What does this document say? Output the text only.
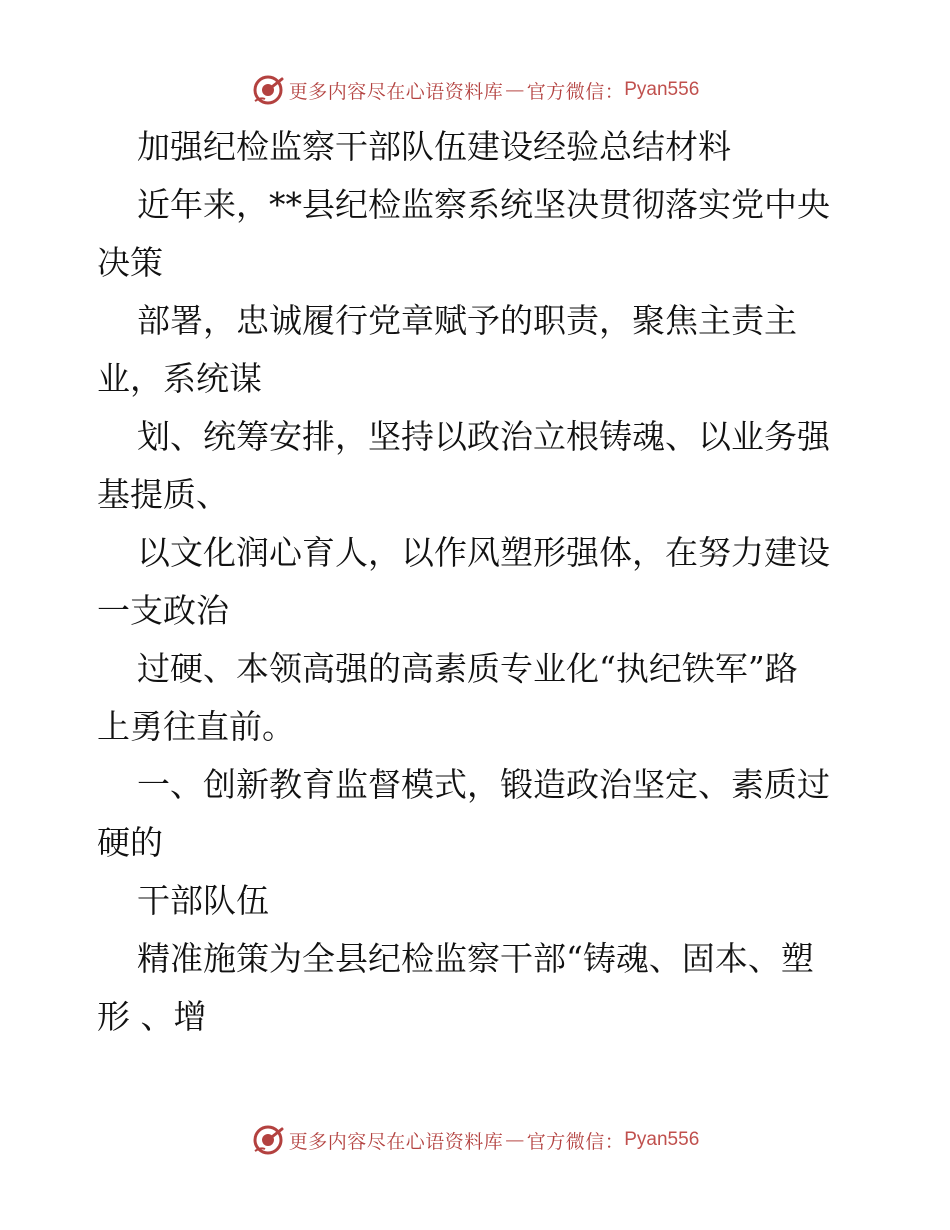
更多内容尽在心语资料库 — 官方微信： Pyan556
加强纪检监察干部队伍建设经验总结材料
近年来，**县纪检监察系统坚决贯彻落实党中央
决策
部署，忠诚履行党章赋予的职责，聚焦主责主
业，系统谋
划、统筹安排，坚持以政治立根铸魂、以业务强
基提质、
以文化润心育人，以作风塑形强体，在努力建设
一支政治
过硬、本领高强的高素质专业化“执纪铁军”路
上勇往直前。
一、创新教育监督模式，锻造政治坚定、素质过
硬的
干部队伍
精准施策为全县纪检监察干部“铸魂、固本、塑
形 、增
更多内容尽在心语资料库 — 官方微信： Pyan556
